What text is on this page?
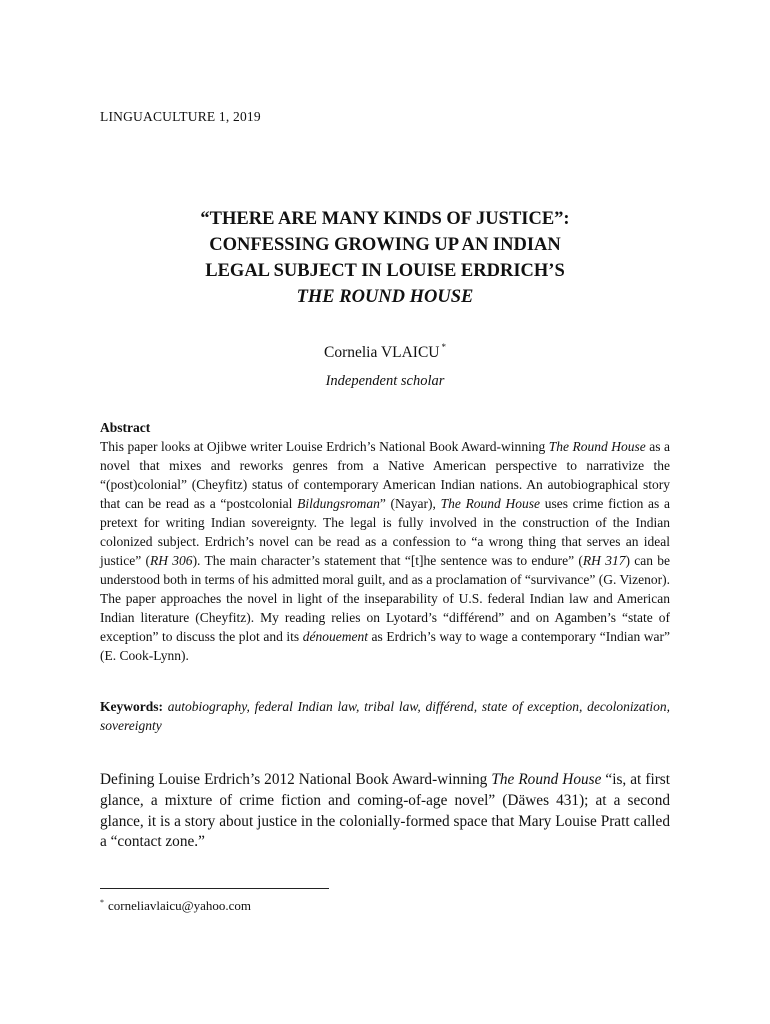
LINGUACULTURE 1, 2019
“THERE ARE MANY KINDS OF JUSTICE”:
CONFESSING GROWING UP AN INDIAN
LEGAL SUBJECT IN LOUISE ERDRICH’S
THE ROUND HOUSE
Cornelia VLAICU *
Independent scholar
Abstract

This paper looks at Ojibwe writer Louise Erdrich’s National Book Award-winning The Round House as a novel that mixes and reworks genres from a Native American perspective to narrativize the “(post)colonial” (Cheyfitz) status of contemporary American Indian nations. An autobiographical story that can be read as a “postcolonial Bildungsroman” (Nayar), The Round House uses crime fiction as a pretext for writing Indian sovereignty. The legal is fully involved in the construction of the Indian colonized subject. Erdrich’s novel can be read as a confession to “a wrong thing that serves an ideal justice” (RH 306). The main character’s statement that “[t]he sentence was to endure” (RH 317) can be understood both in terms of his admitted moral guilt, and as a proclamation of “survivance” (G. Vizenor). The paper approaches the novel in light of the inseparability of U.S. federal Indian law and American Indian literature (Cheyfitz). My reading relies on Lyotard’s “différend” and on Agamben’s “state of exception” to discuss the plot and its dénouement as Erdrich’s way to wage a contemporary “Indian war” (E. Cook-Lynn).

Keywords: autobiography, federal Indian law, tribal law, différend, state of exception, decolonization, sovereignty

Defining Louise Erdrich’s 2012 National Book Award-winning The Round House “is, at first glance, a mixture of crime fiction and coming-of-age novel” (Däwes 431); at a second glance, it is a story about justice in the colonially-formed space that Mary Louise Pratt called a “contact zone.”

* corneliavlaicu@yahoo.com
